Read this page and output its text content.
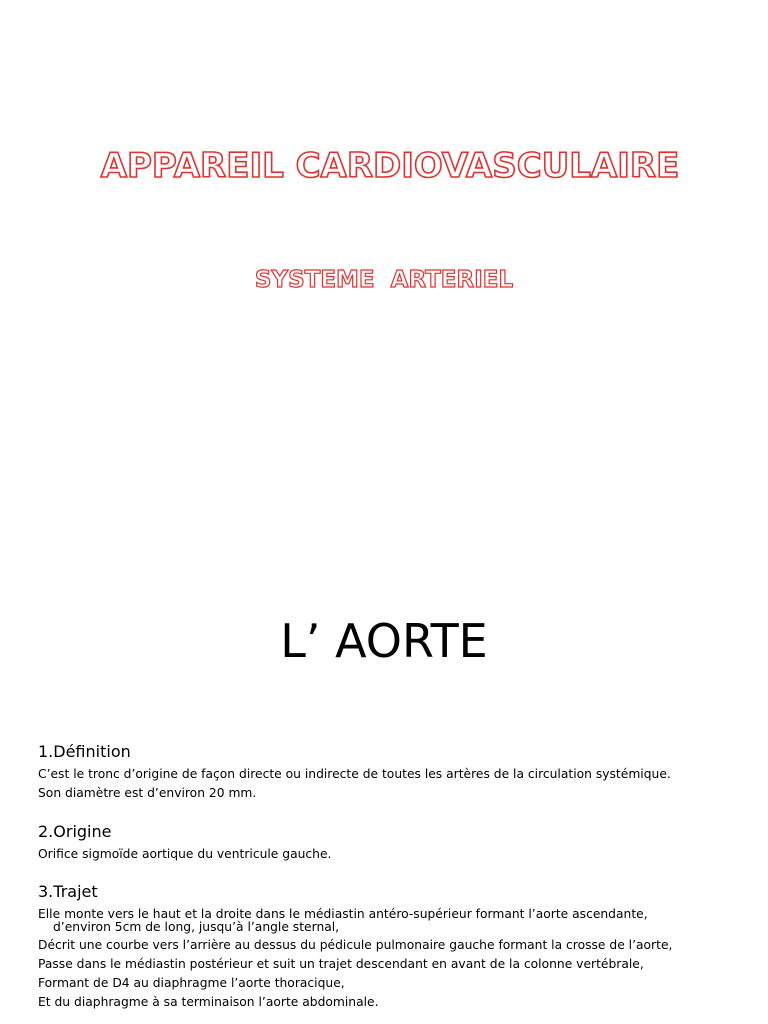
APPAREIL CARDIOVASCULAIRE
SYSTEME  ARTERIEL
L’ AORTE

1.Définition

C’est le tronc d’origine de façon directe ou indirecte de toutes les artères de la circulation systémique.

Son diamètre est d’environ 20 mm.

2.Origine

Orifice sigmoïde aortique du ventricule gauche.

3.Trajet

Elle monte vers le haut et la droite dans le médiastin antéro-supérieur formant l’aorte ascendante,

d’environ 5cm de long, jusqu’à l’angle sternal,

Décrit une courbe vers l’arrière au dessus du pédicule pulmonaire gauche formant la crosse de l’aorte,

Passe dans le médiastin postérieur et suit un trajet descendant en avant de la colonne vertébrale,

Formant de D4 au diaphragme l’aorte thoracique,

Et du diaphragme à sa terminaison l’aorte abdominale.
